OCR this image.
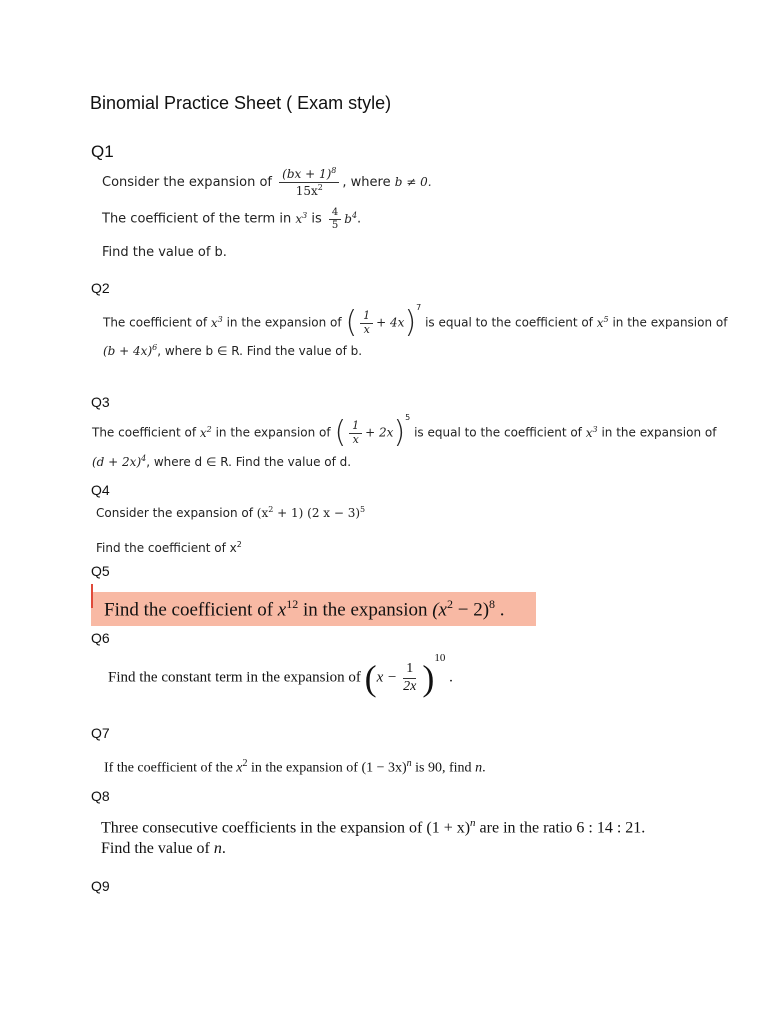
Binomial Practice Sheet ( Exam style)
Q1
Consider the expansion of $\frac{(bx + 1)^8}{15x^2}$ , where b ≠ 0.
The coefficient of the term in $x^3$ is $\frac{4}{5} b^4$.
Find the value of b.
Q2
The coefficient of $x^3$ in the expansion of ( $\frac{1}{x} + 4x)^7$ is equal to the coefficient of $x^5$ in the expansion of
$(b + 4x)^6$, where b ∈ R. Find the value of b.
Q3
The coefficient of $x^2$ in the expansion of ( $\frac{1}{x} + 2x)^5$ is equal to the coefficient of $x^3$ in the expansion of
$(d + 2x)^4$, where d ∈ R. Find the value of d.
Q4
Consider the expansion of $(x^2 + 1)$ (2 x − 3)$^5$
Find the coefficient of $x^2$
Q5
Find the coefficient of $x^{12}$ in the expansion $(x^2 - 2)^8$ .
Q6
Find the constant term in the expansion of $(x - \frac{1}{2x} )^{10}$ .
Q7
If the coefficient of the $x^2$ in the expansion of $(1 - 3x)^n$ is 90, find n.
Q8
Three consecutive coefficients in the expansion of $(1 + x)^n$ are in the ratio 6 : 14 : 21.
Find the value of n.
Q9
